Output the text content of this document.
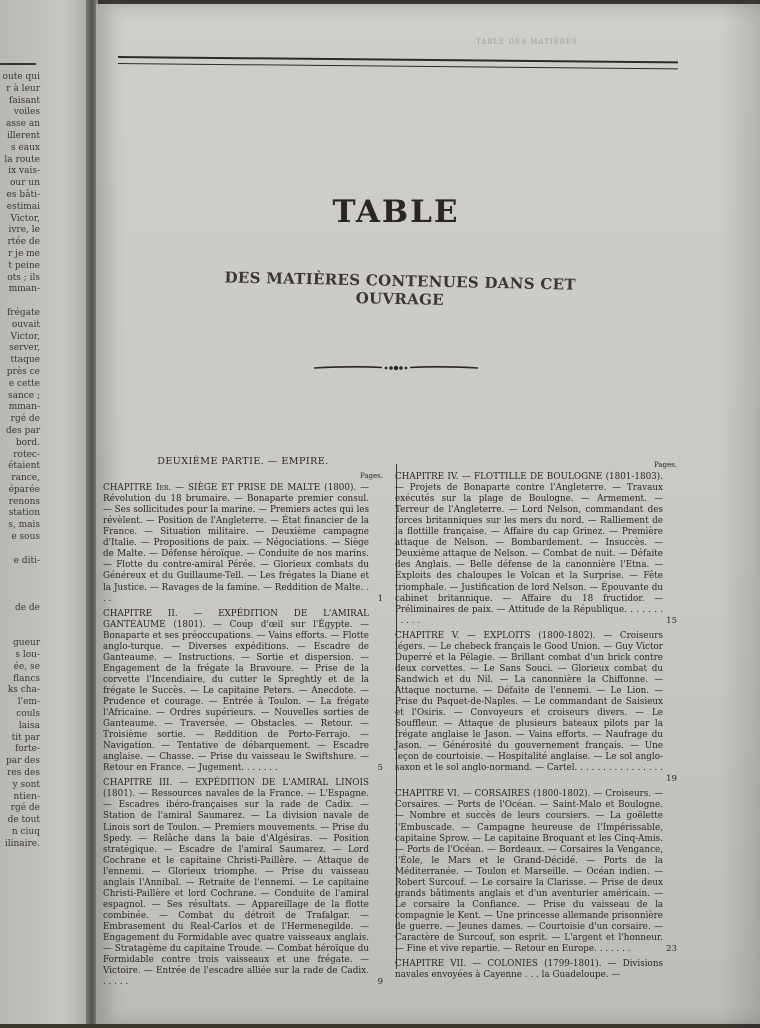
oute qui
r à leur
faisant
voiles
asse an
illerent
s eaux
la route
ix vais-
our un
es bâti-
estimai
Victor,
ivre, le
rtée de
r je me
t peine
ots ; ils
mman-

frégate
ouvait
Victor,
server,
ttaque
près ce
e cette
sance ;
mman-
rgé de
des par
bord.
rotec-
étaient
rance,
éparée
renons
station
s, mais
e sous

e diti-

de de

gueur
s lou-
ée, se
flancs
ks cha-
l'em-
couls
laisa
tit par
forte-
par des
res des
y sont
ntien-
rgé de
de tout
n ciuq
ilinaire.
TABLE DES MATIÈRES
TABLE
DES MATIÈRES CONTENUES DANS CET OUVRAGE
DEUXIÈME PARTIE. — EMPIRE.
Pages.
CHAPITRE Ier. — SIÈGE ET PRISE DE MALTE (1800). — Révolution du 18 brumaire. — Bonaparte premier consul. — Ses sollicitudes pour la marine. — Premiers actes qui les révèlent. — Position de l'Angleterre. — État financier de la France. — Situation militaire. — Deuxième campagne d'Italie. — Propositions de paix. — Négociations. — Siège de Malte. — Défense héroïque. — Conduite de nos marins. — Flotte du contre-amiral Pérée. — Glorieux combats du Généreux et du Guillaume-Tell. — Les frégates la Diane et la Justice. — Ravages de la famine. — Reddition de Malte. . . .	1
CHAPITRE II. — EXPÉDITION DE L'AMIRAL GANTEAUME (1801). — Coup d'œil sur l'Égypte. — Bonaparte et ses préoccupations. — Vains efforts. — Flotte anglo-turque. — Diverses expéditions. — Escadre de Ganteaume. — Instructions. — Sortie et dispersion. — Engagement de la frégate la Bravoure. — Prise de la corvette l'Incendiaire, du cutter le Spreghtly et de la frégate le Succès. — Le capitaine Peters. — Anecdote. — Prudence et courage. — Entrée à Toulon. — La frégate l'Africaine. — Ordres supérieurs. — Nouvelles sorties de Ganteaume. — Traversée. — Obstacles. — Retour. — Troisième sortie. — Reddition de Porto-Ferrajo. — Navigation. — Tentative de débarquement. — Escadre anglaise. — Chasse. — Prise du vaisseau le Swiftshure. — Retour en France. — Jugement. . . . . . .	5
CHAPITRE III. — EXPÉDITION DE L'AMIRAL LINOIS (1801). — Ressources navales de la France. — L'Espagne. — Escadres ibéro-françaises sur la rade de Cadix. — Station de l'amiral Saumarez. — La division navale de Linois sort de Toulon. — Premiers mouvements. — Prise du Spedy. — Relâche dans la baie d'Algésiras. — Position stratégique. — Escadre de l'amiral Saumarez. — Lord Cochrane et le capitaine Christi-Paillère. — Attaque de l'ennemi. — Glorieux triomphe. — Prise du vaisseau anglais l'Annibal. — Retraite de l'ennemi. — Le capitaine Christi-Paillère et lord Cochrane. — Conduite de l'amiral espagnol. — Ses résultats. — Appareillage de la flotte combinée. — Combat du détroit de Trafalgar. — Embrasement du Real-Carlos et de l'Hermenegilde. — Engagement du Formidable avec quatre vaisseaux anglais. — Stratagème du capitaine Troude. — Combat héroïque du Formidable contre trois vaisseaux et une frégate. — Victoire. — Entrée de l'escadre alliée sur la rade de Cadix. . . . . .	9
Pages.
CHAPITRE IV. — FLOTTILLE DE BOULOGNE (1801-1803). — Projets de Bonaparte contre l'Angleterre. — Travaux exécutés sur la plage de Boulogne. — Armement. — Terreur de l'Angleterre. — Lord Nelson, commandant des forces britanniques sur les mers du nord. — Ralliement de la flottille française. — Affaire du cap Grinez. — Première attaque de Nelson. — Bombardement. — Insuccès. — Deuxième attaque de Nelson. — Combat de nuit. — Défaite des Anglais. — Belle défense de la canonnière l'Etna. — Exploits des chaloupes le Volcan et la Surprise. — Fête triomphale. — Justification de lord Nelson. — Épouvante du cabinet britannique. — Affaire du 18 fructidor. — Préliminaires de paix. — Attitude de la République. . . . . . . . . . . .	15
CHAPITRE V. — EXPLOITS (1800-1802). — Croiseurs légers. — Le chebeck français le Good Union. — Guy Victor Duperré et la Pélagie. — Brillant combat d'un brick contre deux corvettes. — Le Sans Souci. — Glorieux combat du Sandwich et du Nil. — La canonnière la Chiffonne. — Attaque nocturne. — Défaite de l'ennemi. — Le Lion. — Prise du Paquet-de-Naples. — Le commandant de Saisieux et l'Osiris. — Convoyeurs et croiseurs divers. — Le Souffleur. — Attaque de plusieurs bateaux pilots par la frégate anglaise le Jason. — Vains efforts. — Naufrage du Jason. — Générosité du gouvernement français. — Une leçon de courtoisie. — Hospitalité anglaise. — Le sol anglo-saxon et le sol anglo-normand. — Cartel. . . . . . . . . . . . . . . . .	19
CHAPITRE VI. — CORSAIRES (1800-1802). — Croiseurs. — Corsaires. — Ports de l'Océan. — Saint-Malo et Boulogne. — Nombre et succès de leurs coursiers. — La goëlette l'Embuscade. — Campagne heureuse de l'Impérissable, capitaine Sprow. — Le capitaine Broquant et les Cinq-Amis. — Ports de l'Océan. — Bordeaux. — Corsaires la Vengance, l'Éole, le Mars et le Grand-Décidé. — Ports de la Méditerranée. — Toulon et Marseille. — Océan indien. — Robert Surcouf. — Le corsaire la Clarisse. — Prise de deux grands bâtiments anglais et d'un aventurier américain. — Le corsaire la Confiance. — Prise du vaisseau de la compagnie le Kent. — Une princesse allemande prisonnière de guerre. — Jeunes dames. — Courtoisie d'un corsaire. — Caractère de Surcouf, son esprit. — L'argent et l'honneur. — Fine et vive repartie. — Retour en Europe. . . . . . .	23
CHAPITRE VII. — COLONIES (1799-1801). — Divisions navales envoyées à Cayenne . . . la Guadeloupe. —
